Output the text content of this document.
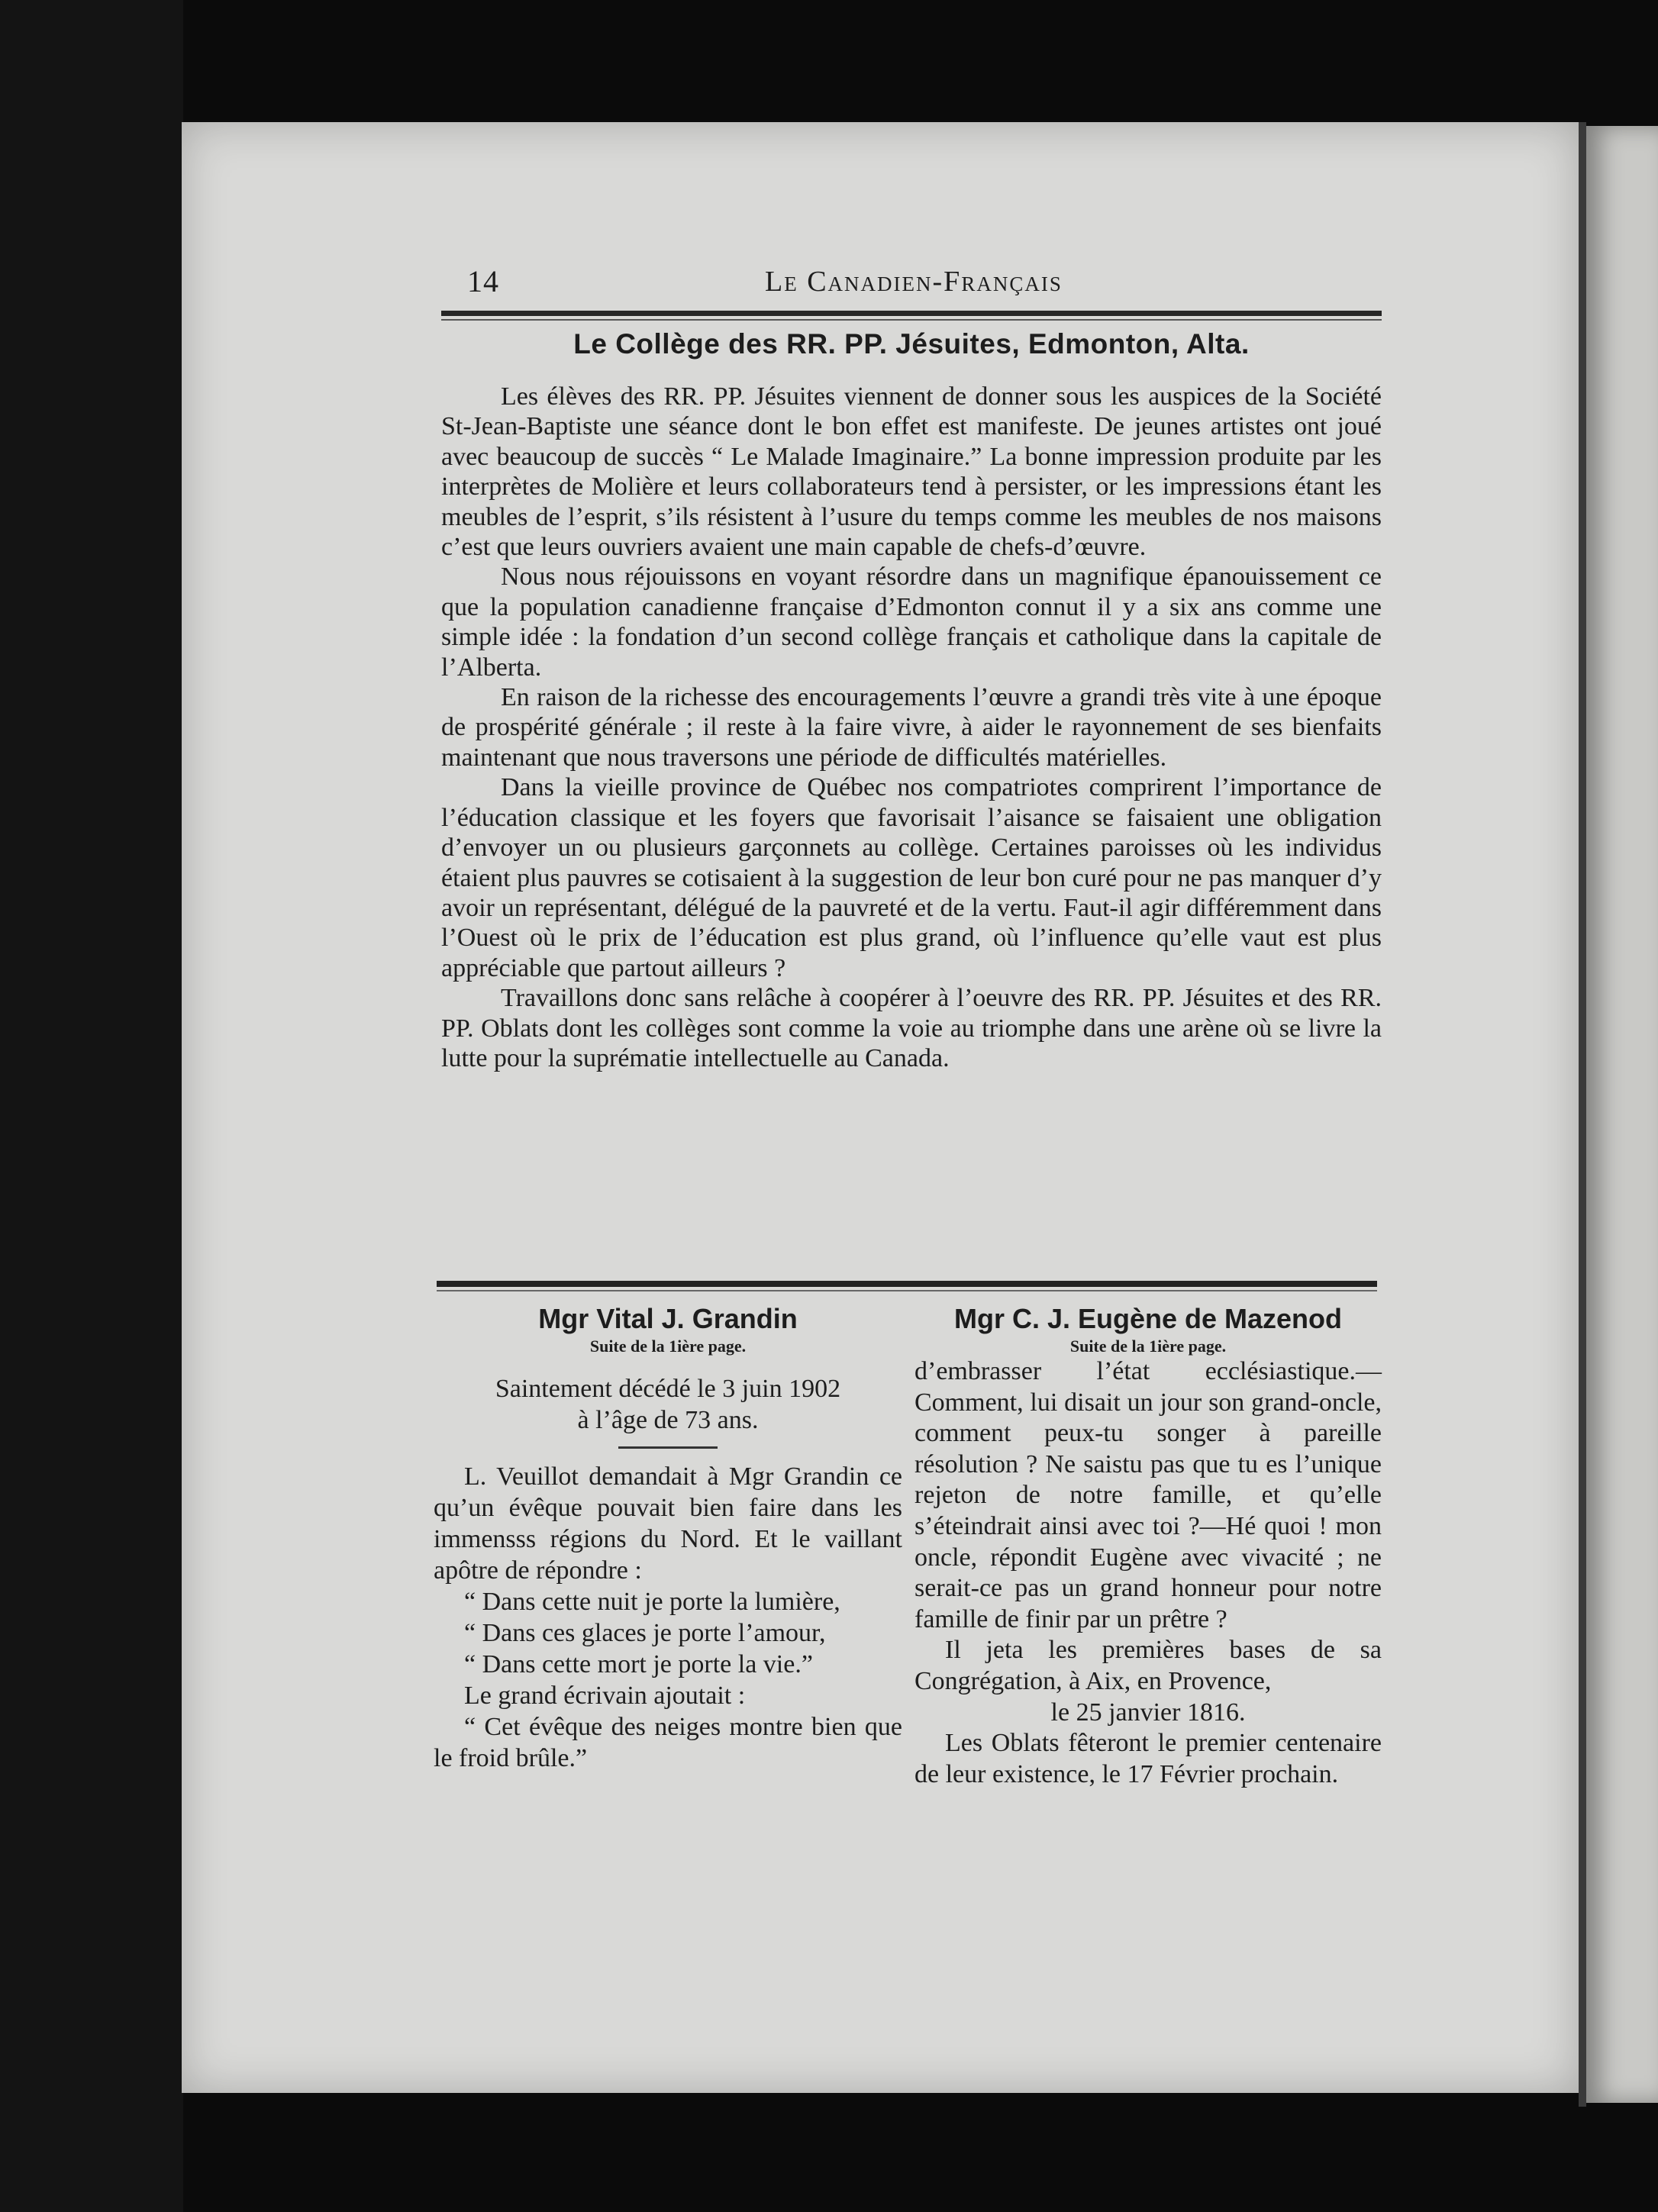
14	Le Canadien-Français
Le Collège des RR. PP. Jésuites, Edmonton, Alta.

Les élèves des RR. PP. Jésuites viennent de donner sous les auspices de la Société St-Jean-Baptiste une séance dont le bon effet est manifeste. De jeunes artistes ont joué avec beaucoup de succès “ Le Malade Imaginaire.” La bonne impression produite par les interprètes de Molière et leurs collaborateurs tend à persister, or les impressions étant les meubles de l’esprit, s’ils résistent à l’usure du temps comme les meubles de nos maisons c’est que leurs ouvriers avaient une main capable de chefs-d’œuvre.

Nous nous réjouissons en voyant résordre dans un magnifique épanouissement ce que la population canadienne française d’Edmonton connut il y a six ans comme une simple idée : la fondation d’un second collège français et catholique dans la capitale de l’Alberta.

En raison de la richesse des encouragements l’œuvre a grandi très vite à une époque de prospérité générale ; il reste à la faire vivre, à aider le rayonnement de ses bienfaits maintenant que nous traversons une période de difficultés matérielles.

Dans la vieille province de Québec nos compatriotes comprirent l’importance de l’éducation classique et les foyers que favorisait l’aisance se faisaient une obligation d’envoyer un ou plusieurs garçonnets au collège. Certaines paroisses où les individus étaient plus pauvres se cotisaient à la suggestion de leur bon curé pour ne pas manquer d’y avoir un représentant, délégué de la pauvreté et de la vertu. Faut-il agir différemment dans l’Ouest où le prix de l’éducation est plus grand, où l’influence qu’elle vaut est plus appréciable que partout ailleurs ?

Travaillons donc sans relâche à coopérer à l’oeuvre des RR. PP. Jésuites et des RR. PP. Oblats dont les collèges sont comme la voie au triomphe dans une arène où se livre la lutte pour la suprématie intellectuelle au Canada.

Mgr Vital J. Grandin
Suite de la 1ière page.

Saintement décédé le 3 juin 1902

à l’âge de 73 ans.

L. Veuillot demandait à Mgr Grandin ce qu’un évêque pouvait bien faire dans les immensss régions du Nord. Et le vaillant apôtre de répondre :

“ Dans cette nuit je porte la lumière,

“ Dans ces glaces je porte l’amour,

“ Dans cette mort je porte la vie.”

Le grand écrivain ajoutait :

“ Cet évêque des neiges montre bien que le froid brûle.”

Mgr C. J. Eugène de Mazenod
Suite de la 1ière page.

d’embrasser l’état ecclésiastique.— Comment, lui disait un jour son grand-oncle, comment peux-tu songer à pareille résolution ? Ne saistu pas que tu es l’unique rejeton de notre famille, et qu’elle s’éteindrait ainsi avec toi ?—Hé quoi ! mon oncle, répondit Eugène avec vivacité ; ne serait-ce pas un grand honneur pour notre famille de finir par un prêtre ?

Il jeta les premières bases de sa Congrégation, à Aix, en Provence,

le 25 janvier 1816.

Les Oblats fêteront le premier centenaire de leur existence, le 17 Février prochain.
